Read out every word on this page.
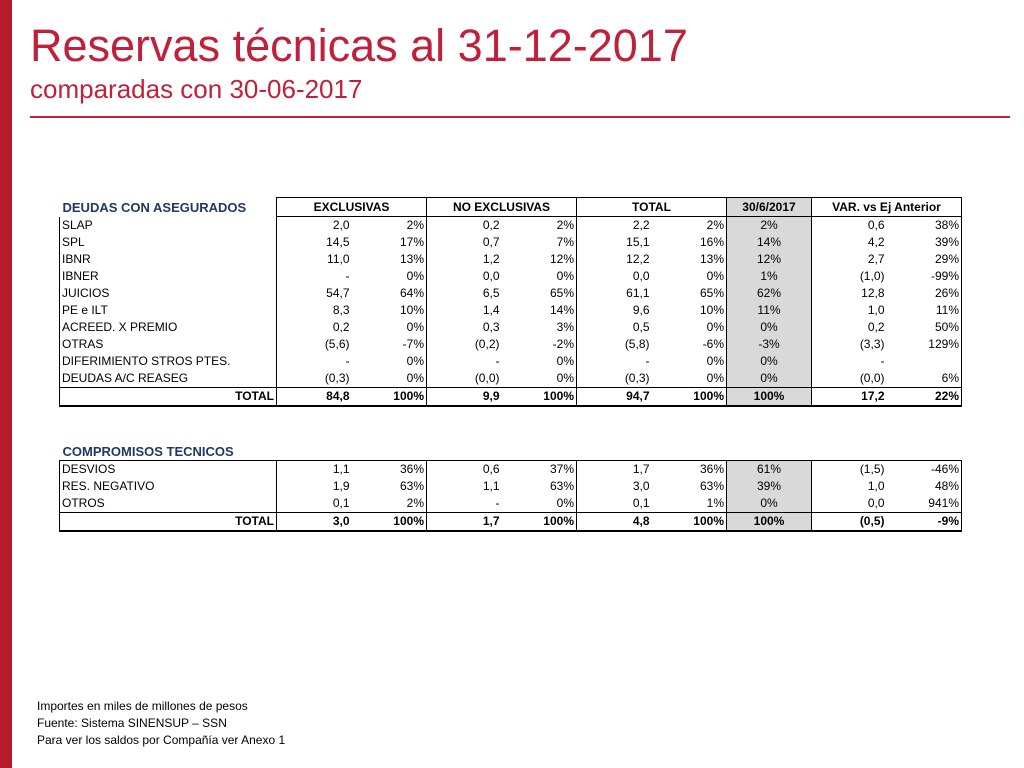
Reservas técnicas al 31-12-2017
comparadas con 30-06-2017
DEUDAS CON ASEGURADOS	EXCLUSIVAS		NO EXCLUSIVAS		TOTAL		30/6/2017	VAR. vs Ej Anterior	
SLAP	2,0	2%	0,2	2%	2,2	2%	2%	0,6	38%
SPL	14,5	17%	0,7	7%	15,1	16%	14%	4,2	39%
IBNR	11,0	13%	1,2	12%	12,2	13%	12%	2,7	29%
IBNER	-	0%	0,0	0%	0,0	0%	1%	(1,0)	-99%
JUICIOS	54,7	64%	6,5	65%	61,1	65%	62%	12,8	26%
PE e ILT	8,3	10%	1,4	14%	9,6	10%	11%	1,0	11%
ACREED. X PREMIO	0,2	0%	0,3	3%	0,5	0%	0%	0,2	50%
OTRAS	(5,6)	-7%	(0,2)	-2%	(5,8)	-6%	-3%	(3,3)	129%
DIFERIMIENTO STROS PTES.	-	0%	-	0%	-	0%	0%	-	
DEUDAS A/C REASEG	(0,3)	0%	(0,0)	0%	(0,3)	0%	0%	(0,0)	6%
TOTAL	84,8	100%	9,9	100%	94,7	100%	100%	17,2	22%
COMPROMISOS TECNICOS									
DESVIOS	1,1	36%	0,6	37%	1,7	36%	61%	(1,5)	-46%
RES. NEGATIVO	1,9	63%	1,1	63%	3,0	63%	39%	1,0	48%
OTROS	0,1	2%	-	0%	0,1	1%	0%	0,0	941%
TOTAL	3,0	100%	1,7	100%	4,8	100%	100%	(0,5)	-9%
Importes en miles de millones de pesos
Fuente: Sistema SINENSUP – SSN
Para ver los saldos por Compañía ver Anexo 1
